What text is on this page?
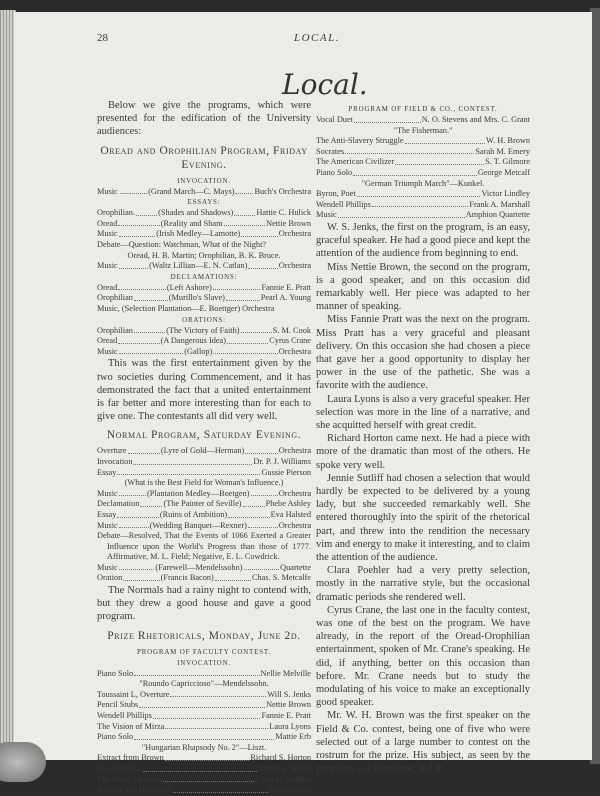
28	LOCAL.
Local.
Below we give the programs, which were presented for the edification of the University audiences:
Oread and Orophilian Program, Friday Evening.
INVOCATION.
Music .... (Grand March—C. Mays) Buch's Orchestra
ESSAYS:
Orophilian.	(Shades and Shadows)	Hattie C. Hulick
Oread	(Reality and Sham	Nettie Brown
Music	(Irish Medley—Lamotte)	Orchestra
Debate—Question: Watchman, What of the Night?
Oread, H. B. Martin; Orophilian, B. K. Bruce.
Music	(Waltz Lillian—E. N. Catlan)	Orchestra
DECLAMATIONS:
Oread	(Left Ashore)	Fannie E. Pratt
Orophilian	(Murillo's Slave)	Pearl A. Young
Music, (Selection Plantation—E. Boettger) Orchestra
ORATIONS:
Orophilian	(The Victory of Faith)	S. M. Cook
Oread	(A Dangerous Idea)	Cyrus Crane
Music	(Gallop)	Orchestra
This was the first entertainment given by the two societies during Commencement, and it has demonstrated the fact that a united entertainment is far better and more interesting than for each to give one. The contestants all did very well.
Normal Program, Saturday Evening.
Overture	(Lyre of Gold—Herman)	Orchestra
Invocation	Dr. P. J. Williams
Essay	Gussie Pierson
(What is the Best Field for Woman's Influence.)
Music	(Plantation Medley—Boetgen)	Orchestra
Declamation	(The Painter of Seville)	Phebe Ashley
Essay	(Ruins of Ambition)	Eva Halsted
Music	(Wedding Banquet—Rexner)	Orchestra
Debate—Resolved, That the Events of 1066 Exerted a Greater Influence upon the World's Progress than those of 1777. Affirmative, M. L. Field; Negative, E. L. Cowdrick.
Music	(Farewell—Mendelssohn)	Quartette
Oration	(Francis Bacon)	Chas. S. Metcalfe
The Normals had a rainy night to contend with, but they drew a good house and gave a good program.
Prize Rhetoricals, Monday, June 2d.
PROGRAM OF FACULTY CONTEST.
INVOCATION.
Piano Solo	Nellie Melville
"Roundo Capriccioso"—Mendelssohn.
Toussaint L, Overture	Will S. Jenks
Pencil Stubs	Nettie Brown
Wendell Phillips	Fannie E. Pratt
The Vision of Mirza	Laura Lyons
Piano Solo	Mattie Erb
"Hungarian Rhapsody No. 2"—Liszt.
Extract from Brown	Richard S. Horton
The Republic	Jennie S. Sutliff
The Poet's Ministry	Clara H. Poehler
Nations and Humanity	Cyrus Crane
PROGRAM OF FIELD & CO., CONTEST.
Vocal Duet	N. O. Stevens and Mrs. C. Grant
"The Fisherman."
The Anti-Slavery Struggle	W. H. Brown
Socrates	Sarah M. Emery
The American Civilizer	S. T. Gilmore
Piano Solo	George Metcalf
"German Triumph March"—Kunkel.
Byron, Poet	Victor Lindley
Wendell Phillips	Frank A. Marshall
Music	Amphion Quartette
W. S. Jenks, the first on the program, is an easy, graceful speaker. He had a good piece and kept the attention of the audience from beginning to end.
Miss Nettie Brown, the second on the program, is a good speaker, and on this occasion did remarkably well. Her piece was adapted to her manner of speaking.
Miss Fannie Pratt was the next on the program. Miss Pratt has a very graceful and pleasant delivery. On this occasion she had chosen a piece that gave her a good opportunity to display her power in the use of the pathetic. She was a favorite with the audience.
Laura Lyons is also a very graceful speaker. Her selection was more in the line of a narrative, and she acquitted herself with great credit.
Richard Horton came next. He had a piece with more of the dramatic than most of the others. He spoke very well.
Jennie Sutliff had chosen a selection that would hardly be expected to be delivered by a young lady, but she succeeded remarkably well. She entered thoroughly into the spirit of the rhetorical part, and threw into the rendition the necessary vim and energy to make it interesting, and to claim the attention of the audience.
Clara Poehler had a very pretty selection, mostly in the narrative style, but the occasional dramatic periods she rendered well.
Cyrus Crane, the last one in the faculty contest, was one of the best on the program. We have already, in the report of the Oread-Orophilian entertainment, spoken of Mr. Crane's speaking. He did, if anything, better on this occasion than before. Mr. Crane needs but to study the modulating of his voice to make an exceptionally good speaker.
Mr. W. H. Brown was the first speaker on the Field & Co. contest, being one of five who were selected out of a large number to contest on the rostrum for the prize. His subject, as seen by the program, is a large one, and in
